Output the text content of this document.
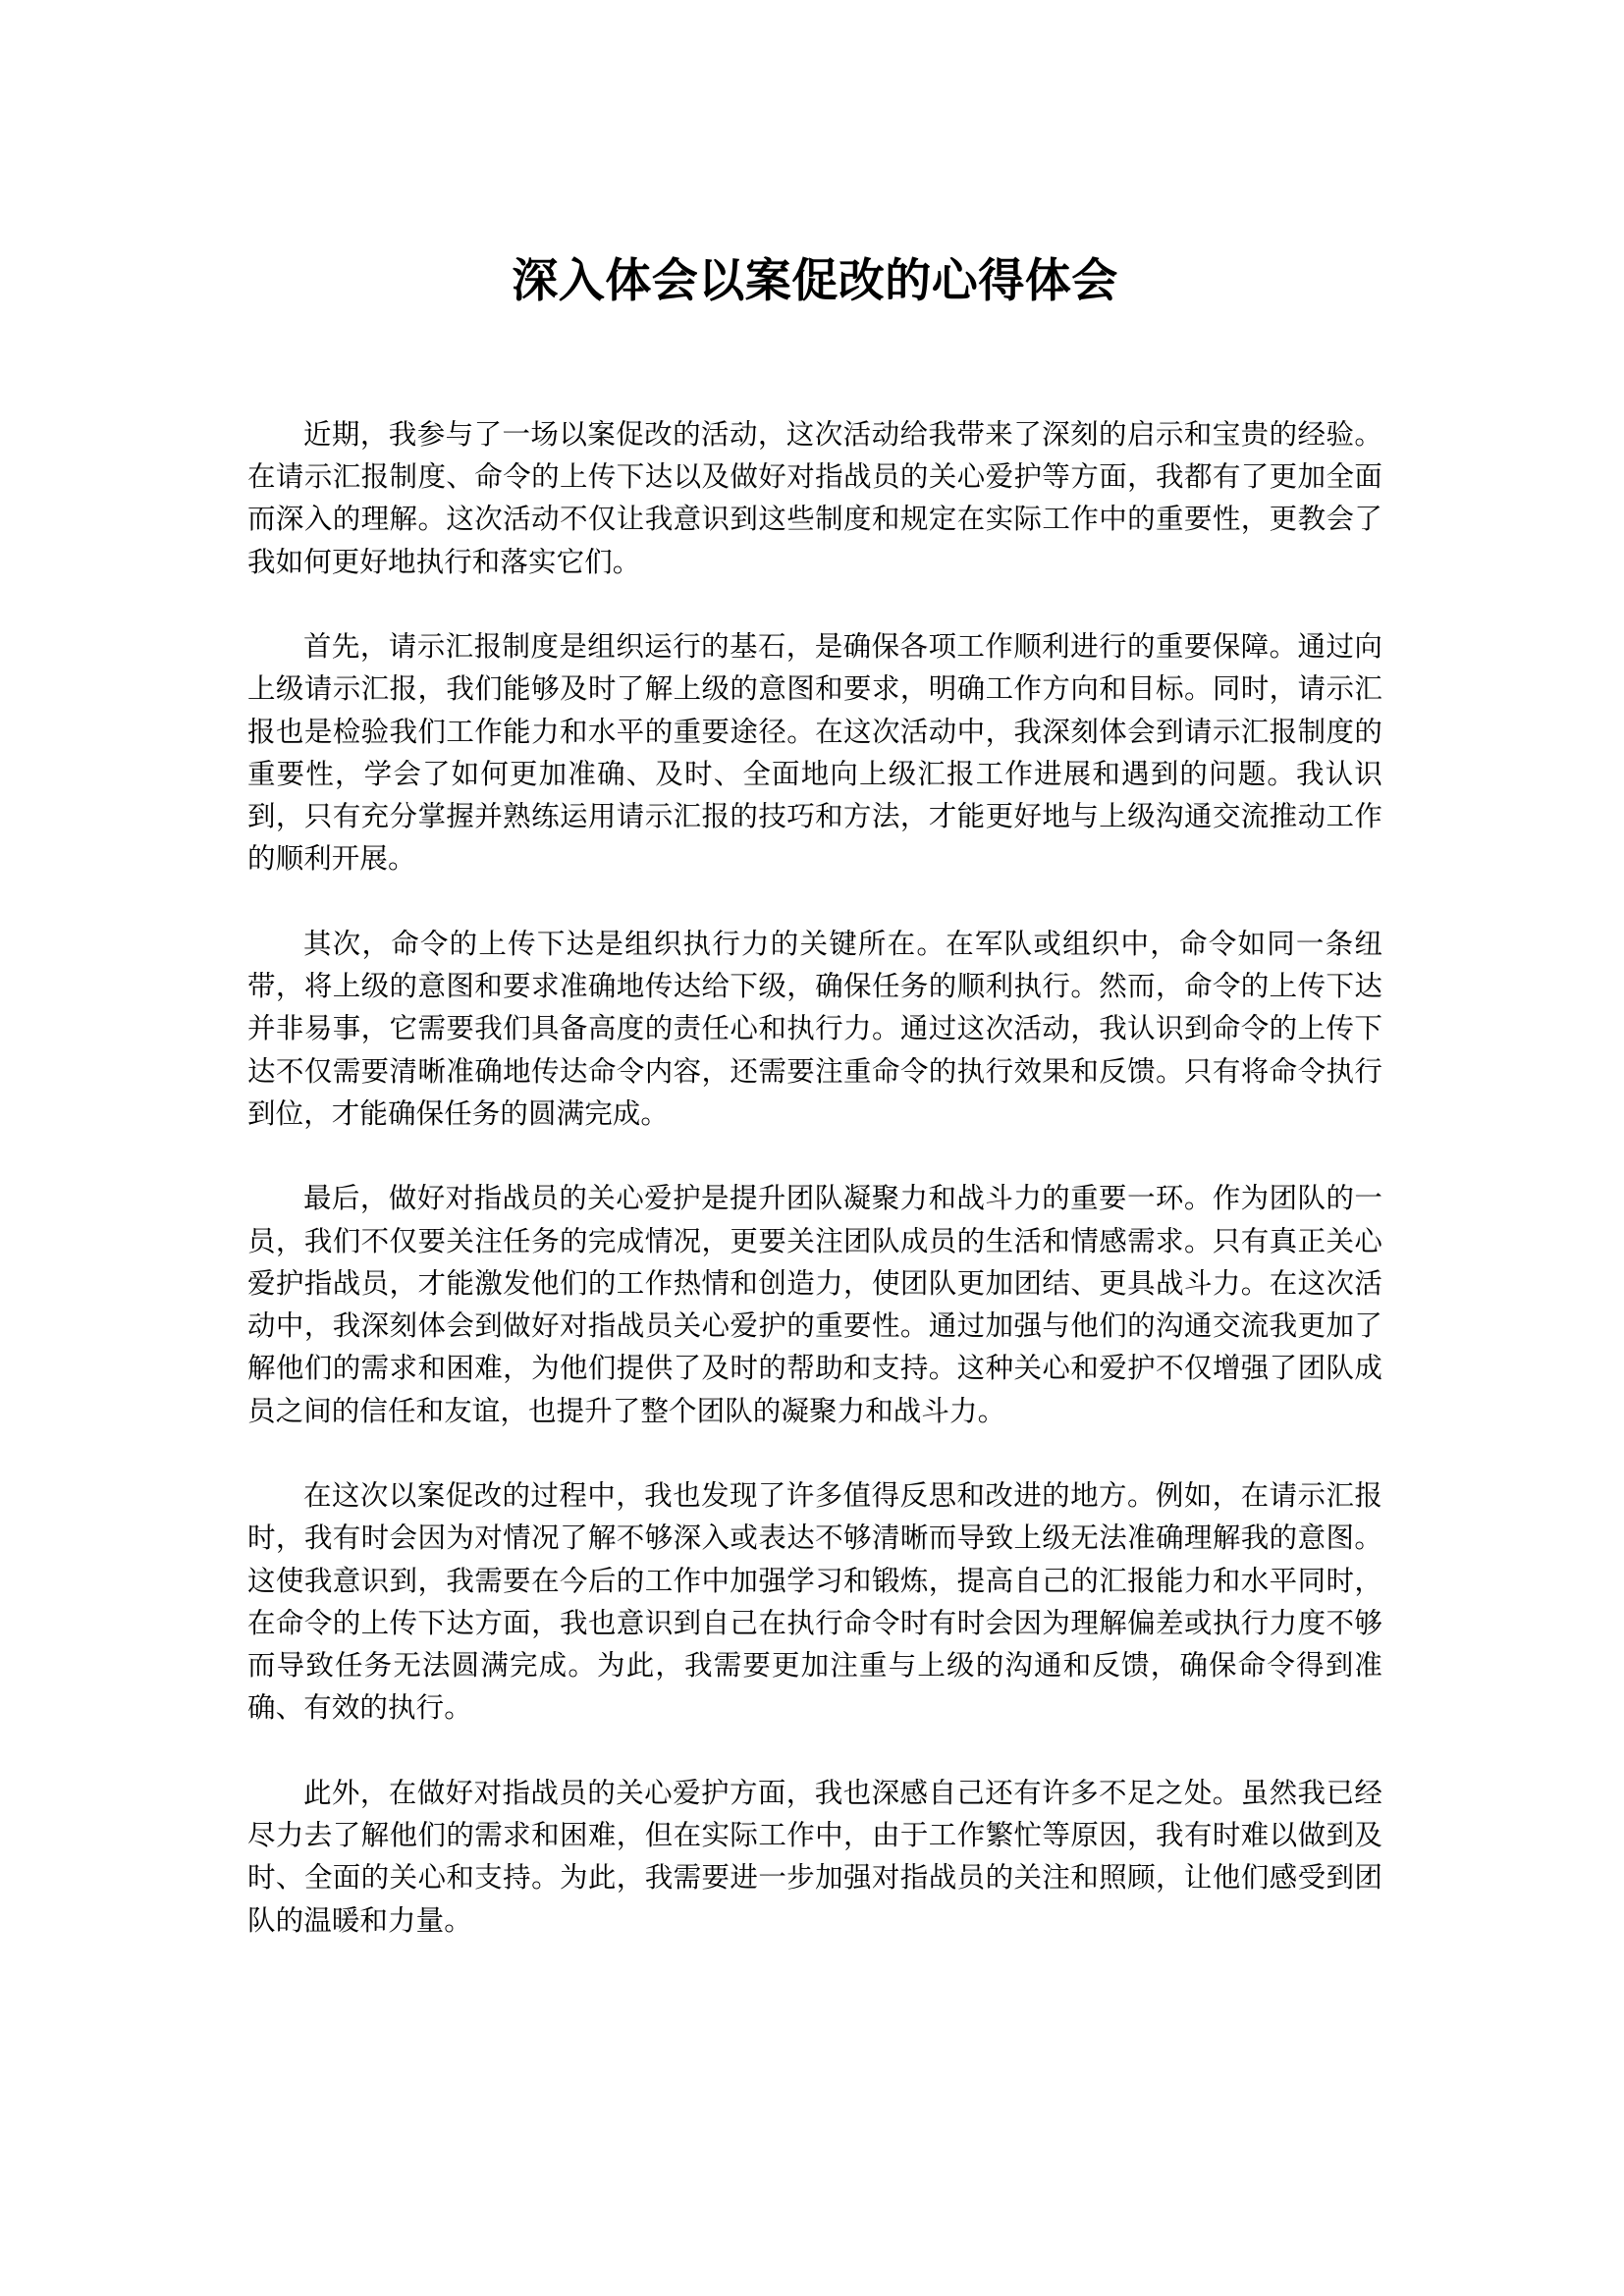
深入体会以案促改的心得体会

近期，我参与了一场以案促改的活动，这次活动给我带来了深刻的启示和宝贵的经验。在请示汇报制度、命令的上传下达以及做好对指战员的关心爱护等方面，我都有了更加全面而深入的理解。这次活动不仅让我意识到这些制度和规定在实际工作中的重要性，更教会了我如何更好地执行和落实它们。

首先，请示汇报制度是组织运行的基石，是确保各项工作顺利进行的重要保障。通过向上级请示汇报，我们能够及时了解上级的意图和要求，明确工作方向和目标。同时，请示汇报也是检验我们工作能力和水平的重要途径。在这次活动中，我深刻体会到请示汇报制度的重要性，学会了如何更加准确、及时、全面地向上级汇报工作进展和遇到的问题。我认识到，只有充分掌握并熟练运用请示汇报的技巧和方法，才能更好地与上级沟通交流推动工作的顺利开展。

其次，命令的上传下达是组织执行力的关键所在。在军队或组织中，命令如同一条纽带，将上级的意图和要求准确地传达给下级，确保任务的顺利执行。然而，命令的上传下达并非易事，它需要我们具备高度的责任心和执行力。通过这次活动，我认识到命令的上传下达不仅需要清晰准确地传达命令内容，还需要注重命令的执行效果和反馈。只有将命令执行到位，才能确保任务的圆满完成。

最后，做好对指战员的关心爱护是提升团队凝聚力和战斗力的重要一环。作为团队的一员，我们不仅要关注任务的完成情况，更要关注团队成员的生活和情感需求。只有真正关心爱护指战员，才能激发他们的工作热情和创造力，使团队更加团结、更具战斗力。在这次活动中，我深刻体会到做好对指战员关心爱护的重要性。通过加强与他们的沟通交流我更加了解他们的需求和困难，为他们提供了及时的帮助和支持。这种关心和爱护不仅增强了团队成员之间的信任和友谊，也提升了整个团队的凝聚力和战斗力。

在这次以案促改的过程中，我也发现了许多值得反思和改进的地方。例如，在请示汇报时，我有时会因为对情况了解不够深入或表达不够清晰而导致上级无法准确理解我的意图。这使我意识到，我需要在今后的工作中加强学习和锻炼，提高自己的汇报能力和水平同时，在命令的上传下达方面，我也意识到自己在执行命令时有时会因为理解偏差或执行力度不够而导致任务无法圆满完成。为此，我需要更加注重与上级的沟通和反馈，确保命令得到准确、有效的执行。

此外，在做好对指战员的关心爱护方面，我也深感自己还有许多不足之处。虽然我已经尽力去了解他们的需求和困难，但在实际工作中，由于工作繁忙等原因，我有时难以做到及时、全面的关心和支持。为此，我需要进一步加强对指战员的关注和照顾，让他们感受到团队的温暖和力量。
